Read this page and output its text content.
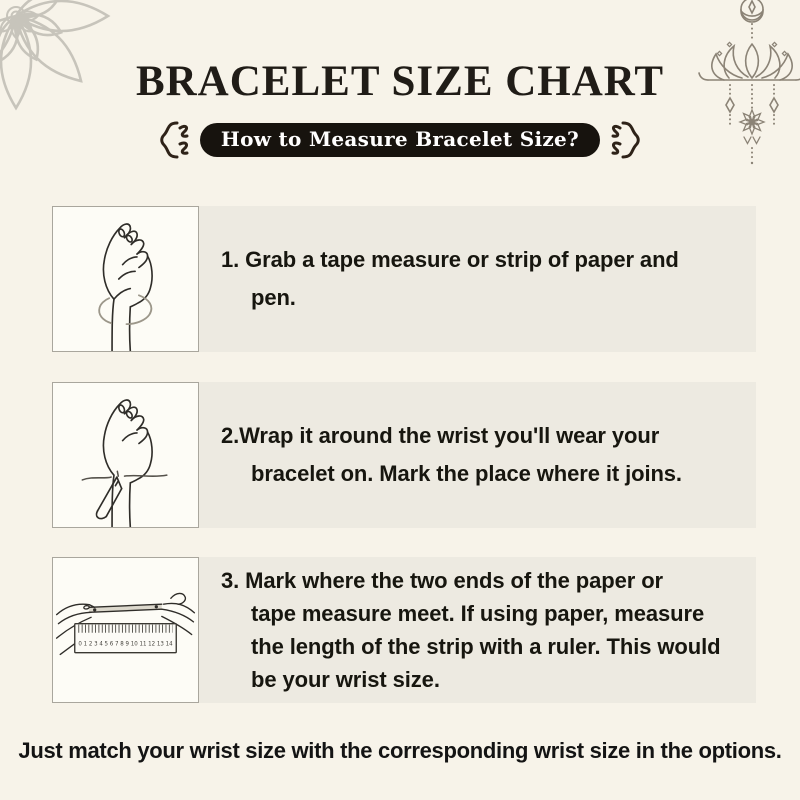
BRACELET SIZE CHART
How to Measure Bracelet Size?
1. Grab a tape measure or strip of paper and
pen.
2.Wrap it around the wrist you'll wear your
bracelet on. Mark the place where it joins.
0 1 2 3 4 5 6 7 8 9 10 11 12 13 14
3. Mark where the two ends of the paper or
tape measure meet. If using paper, measure
the length of the strip with a ruler. This would
be your wrist size.
Just match your wrist size with the corresponding wrist size in the options.
